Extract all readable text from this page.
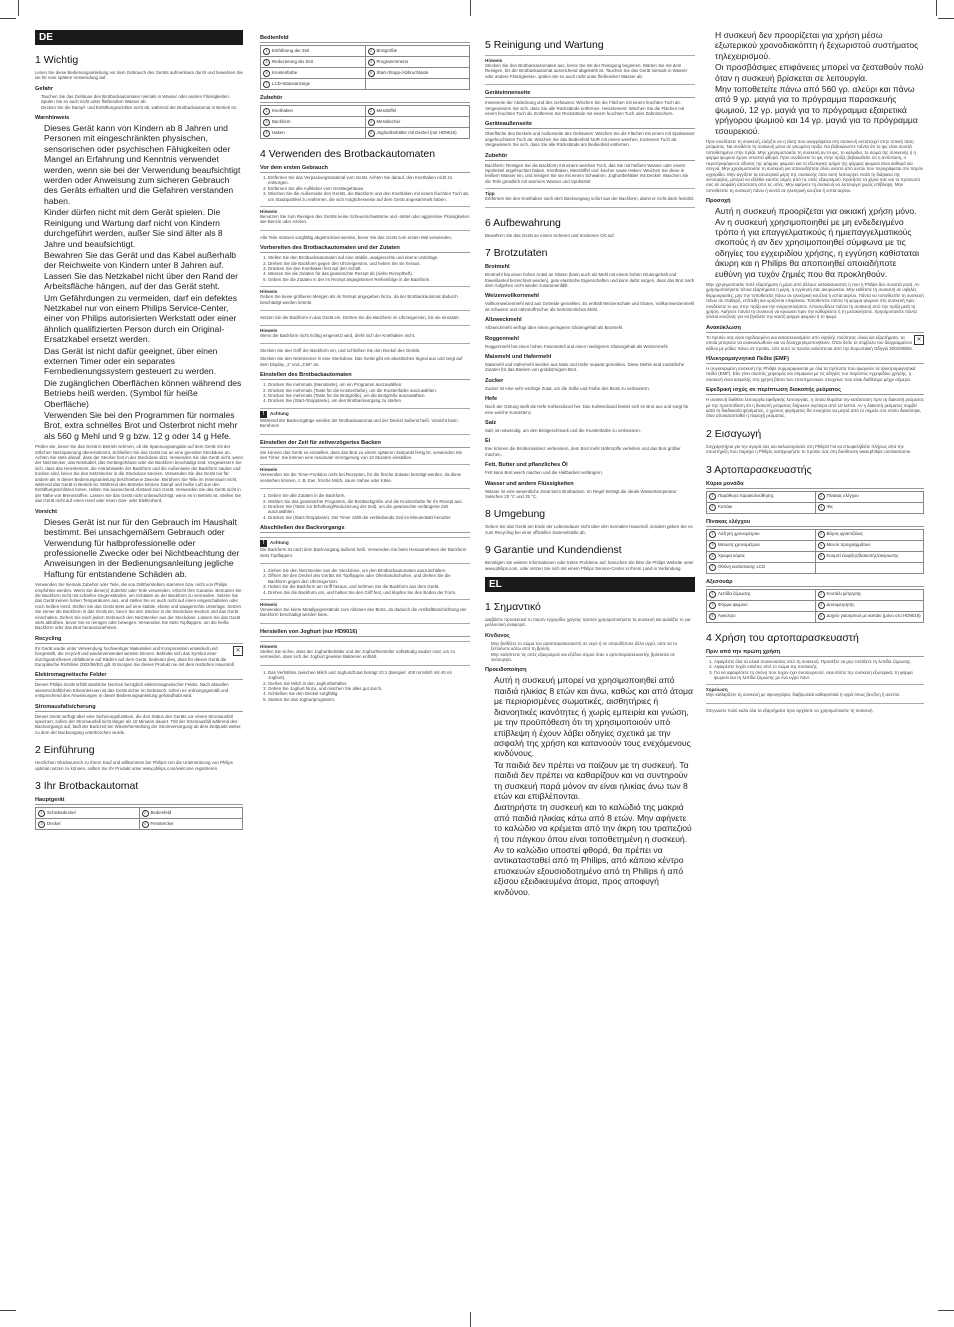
DE
1 Wichtig

Lesen Sie diese Bedienungsanleitung vor dem Gebrauch des Geräts aufmerksam durch und bewahren Sie sie für eine spätere Verwendung auf.

Gefahr
• Tauchen Sie das Gehäuse des Brotbackautomaten niemals in Wasser oder andere Flüssigkeiten. Spülen Sie es auch nicht unter fließendem Wasser ab.
• Decken Sie die Dampf- und Entlüftungsschlitze nicht ab, während der Brotbackautomat in Betrieb ist.
Warnhinweis
• Dieses Gerät kann von Kindern ab 8 Jahren und Personen mit eingeschränkten physischen, sensorischen oder psychischen Fähigkeiten oder Mangel an Erfahrung und Kenntnis verwendet werden, wenn sie bei der Verwendung beaufsichtigt werden oder Anweisung zum sicheren Gebrauch des Geräts erhalten und die Gefahren verstanden haben.
• Kinder dürfen nicht mit dem Gerät spielen. Die Reinigung und Wartung darf nicht von Kindern durchgeführt werden, außer Sie sind älter als 8 Jahre und beaufsichtigt.
• Bewahren Sie das Gerät und das Kabel außerhalb der Reichweite von Kindern unter 8 Jahren auf. Lassen Sie das Netzkabel nicht über den Rand der Arbeitsfläche hängen, auf der das Gerät steht.
• Um Gefährdungen zu vermeiden, darf ein defektes Netzkabel nur von einem Philips Service-Center, einer von Philips autorisierten Werkstatt oder einer ähnlich qualifizierten Person durch ein Original-Ersatzkabel ersetzt werden.
• Das Gerät ist nicht dafür geeignet, über einen externen Timer oder ein separates Fernbedienungssystem gesteuert zu werden.
• Die zugänglichen Oberflächen können während des Betriebs heiß werden. (Symbol für heiße Oberfläche)
• Verwenden Sie bei den Programmen für normales Brot, extra schnelles Brot und Osterbrot nicht mehr als 560 g Mehl und 9 g bzw. 12 g oder 14 g Hefe.

Prüfen Sie, bevor Sie das Gerät in Betrieb nehmen, ob die Spannungsangabe auf dem Gerät mit der örtlichen Netzspannung übereinstimmt. Schließen Sie das Gerät nur an eine geerdete Steckdose an. Achten Sie stets darauf, dass der Stecker fest in der Steckdose sitzt. Verwenden Sie das Gerät nicht, wenn der Netzstecker, das Netzkabel, das Gerätegehäuse oder die Backform beschädigt sind. Vergewissern Sie sich, dass das Heizelement, die Antriebswelle der Backform und die Außenseite der Backform sauber und trocken sind, bevor Sie den Netzstecker in die Steckdose stecken. Verwenden Sie das Gerät nur für andere als in dieser Bedienungsanleitung beschriebene Zwecke. Berühren Sie Teile im Innenraum nicht, während das Gerät in Betrieb ist. Während des Betriebs können Dampf und heiße Luft aus den Entlüftungsschlitzen treten. Halten Sie ausreichend Abstand zum Gerät. Verwenden Sie das Gerät nicht in der Nähe von Brennstoffen. Lassen Sie das Gerät nicht unbeaufsichtigt, wenn es in Betrieb ist. Stellen Sie das Gerät nicht auf einen Herd oder einen Gas- oder Elektroherd.

Vorsicht
• Dieses Gerät ist nur für den Gebrauch im Haushalt bestimmt. Bei unsachgemäßem Gebrauch oder Verwendung für halbprofessionelle oder professionelle Zwecke oder bei Nichtbeachtung der Anweisungen in der Bedienungsanleitung jegliche Haftung für entstandene Schäden ab.

Verwenden Sie niemals Zubehör oder Teile, die von Drittherstellern stammen bzw. nicht von Philips empfohlen werden. Wenn Sie diese(s) Zubehör oder Teile verwenden, erlischt Ihre Garantie. Benutzen Sie die Backform nicht mit scharfen Gegenständen, um Schäden an der Backform zu vermeiden. Setzen Sie das Gerät keinen hohen Temperaturen aus, und stellen Sie es auch nicht auf einen eingeschalteten oder noch heißen Herd. Stellen Sie das Gerät stets auf eine stabile, ebene und waagerechte Unterlage. Setzen Sie immer die Backform in das Gerät ein, bevor Sie den Stecker in die Steckdose stecken und das Gerät einschalten. Ziehen Sie nach jedem Gebrauch den Netzstecker aus der Steckdose. Lassen Sie das Gerät stets abkühlen, bevor Sie es reinigen oder bewegen. Verwenden Sie stets Topflappen, um die heiße Backform oder das Brot herauszunehmen.

Recycling

✕
Ihr Gerät wurde unter Verwendung hochwertiger Materialien und Komponenten entwickelt und hergestellt, die recycelt und wiederverwendet werden können. Befindet sich das Symbol einer durchgestrichenen Abfalltonne auf Rädern auf dem Gerät, bedeutet dies, dass für dieses Gerät die Europäische Richtlinie 2002/96/EG gilt. Entsorgen Sie dieses Produkt nie mit dem restlichen Hausmüll.

Elektromagnetische Felder

Dieses Philips Gerät erfüllt sämtliche Normen bezüglich elektromagnetischer Felder. Nach aktuellen wissenschaftlichen Erkenntnissen ist das Gerät sicher im Gebrauch, sofern es ordnungsgemäß und entsprechend den Anweisungen in dieser Bedienungsanleitung gehandhabt wird.

Stromausfallsicherung

Dieses Gerät verfügt über eine Sicherungsfunktion, die den Status des Geräts vor einem Stromausfall speichert, sofern der Stromausfall nicht länger als 10 Minuten dauert. Tritt der Stromausfall während des Backvorgangs auf, läuft der Backzeit bei Wiederherstellung der Stromversorgung ab dem Zeitpunkt weiter, zu dem der Backvorgang unterbrochen wurde.

2 Einführung

Herzlichen Glückwunsch zu Ihrem Kauf und willkommen bei Philips! Um die Unterstützung von Philips optimal nutzen zu können, sollten Sie Ihr Produkt unter www.philips.com/welcome registrieren.

3 Ihr Brotbackautomat
Hauptgerät
1 Schiebedeckel	2 Bedienfeld
3 Deckel	4 Fenstercker
Bedienfeld
1 Einführung der Zeit	2 Brotgrößte
3 Reduzierung der Zeit	4 Programmmenü
5 Krustenfarbe	6 Start-/Stopp-/Abbruchtaste
7 LCD-Statusanzeige	
Zubehör
1 Knethaken	2 Messlöffel
3 Backform	4 Messbecher
5 Haken	6 Joghurtbehälter mit Deckel (nur HD9016)
4 Verwenden des Brotbackautomaten
Vor dem ersten Gebrauch
1. Entfernen Sie das Verpackungsmaterial vom Gerät. Achten Sie darauf, den Knethaken nicht zu entsorgen.
2. Entfernen Sie alle Aufkleber vom Gerätegehäuse.
3. Wischen Sie die Außenseite des Geräts, die Backform und den Knethaken mit einem feuchten Tuch ab, um Staubpartikel zu entfernen, die sich möglicherweise auf dem Gerät angesammelt haben.
Hinweis

Benutzen Sie zum Reinigen des Geräts keine Scheuerschwämme und -mittel oder aggressive Flüssigkeiten wie Benzin oder Azeton.

Alle Teile müssen sorgfältig abgetrocknet werden, bevor Sie das Gerät zum ersten Mal verwenden.

Vorbereiten des Brotbackautomaten und der Zutaten
1. Stellen Sie den Brotbackautomaten auf eine stabile, waagerechte und ebene Unterlage.
2. Drehen Sie die Backform gegen den Uhrzeigersinn, und heben Sie sie heraus.
3. Drücken Sie den Knethaken fest auf den Schaft.
4. Messen Sie die Zutaten für das gewünschte Rezept ab (siehe Rezeptheft).
5. Geben Sie die Zutaten in der im Rezept angegebenen Reihenfolge in die Backform.
Hinweis

Geben Sie keine größeren Mengen als im Rezept angegeben hinzu, da der Brotbackautomat dadurch beschädigt werden könnte.

Setzen Sie die Backform in das Gerät ein. Drehen Sie die Backform im Uhrzeigersinn, bis sie einrastet.

Hinweis

Wenn die Backform nicht richtig eingesetzt wird, dreht sich der Knethaken nicht.

Stecken Sie den Griff der Backform ein, und schließen Sie den Deckel des Geräts.

Stecken Sie den Netzstecker in eine Steckdose. Das Gerät gibt ein akustisches Signal aus und zeigt auf dem Display „1" und „3:55" an.

Einstellen des Brotbackautomaten
1. Drücken Sie mehrmals (Menütaste), um ein Programm auszuwählen.
2. Drücken Sie mehrmals (Taste für die Krustenfarbe), um die Krustenfarbe auszuwählen.
3. Drücken Sie mehrmals (Taste für die Brotgröße), um die Brotgröße auszuwählen.
4. Drücken Sie (Start-/Stopptaste), um den Brotbackvorgang zu starten.
! Achtung

Während der Backvorgänge werden der Brotbackautomat und der Deckel äußerst heiß. Vorsicht beim Berühren!

Einstellen der Zeit für zeitverzögertes Backen

Sie können das Gerät so einstellen, dass das Brot zu einem späteren Zeitpunkt fertig ist, verwenden Sie den Timer. Sie können eine maximale Verzögerung von 13 Stunden einstellen.

Hinweis

Verwenden Sie die Timer-Funktion nicht bei Rezepten, für die frische Zutaten benötigt werden, da diese verderben können, z. B. Eier, frische Milch, saure Sahne oder Käse.

1. Geben Sie alle Zutaten in die Backform.
2. Wählen Sie das gewünschte Programm, die Brotbackgröße und die Krustenfarbe für Ihr Rezept aus.
3. Drücken Sie (Taste zur Erhöhung/Reduzierung der Zeit), um die gewünschte verlängerte Zeit auszuwählen.
4. Drücken Sie (Start-/Stopptaste). Der Timer zählt die verbleibende Zeit im Minutentakt herunter.
Abschließen des Backvorgangs
! Achtung

Die Backform ist nach dem Backvorgang äußerst heiß. Verwenden Sie beim Herausnehmen der Backform stets Topflappen.

1. Ziehen Sie den Netzstecker aus der Steckdose, um den Brotbackautomaten auszuschalten.
2. Öffnen Sie den Deckel des Geräts mit Topflappen oder Ofenhandschuhen, und drehen Sie die Backform gegen den Uhrzeigersinn.
3. Heben Sie die Backform am Griff heraus, und nehmen Sie die Backform aus dem Gerät.
4. Drehen Sie die Backform um, und halten Sie den Griff fest, und klopfen Sie den Boden der Form.
Hinweis

Verwenden Sie keine Metallgegenstände zum Ablösen des Brots, da dadurch die Antihaftbeschichtung der Backform beschädigt werden kann.

Herstellen von Joghurt (nur HD9016)
Hinweis

Stellen Sie sicher, dass der Joghurtbehälter und der Joghurthersteller vollständig sauber sind, um zu vermeiden, dass sich der Joghurt gewisse Bakterien enthält.

1. Das Verhältnis zwischen Milch und Joghurt/Zutat beträgt 10:1 (Beispiel: 400 ml Milch mit 40 ml Joghurt).
2. Gießen Sie Milch in den Joghurtbehälter.
3. Geben Sie Joghurt hinzu, und mischen Sie alles gut durch.
4. Schließen Sie den Deckel sorgfältig.
5. Starten Sie das Joghurtprogramm.
5 Reinigung und Wartung
Hinweis

Stecken Sie den Brotbackautomaten aus, bevor Sie mit der Reinigung beginnen. Warten Sie mit dem Reinigen, bis der Brotbackautomat ausreichend abgekühlt ist. Tauchen Sie das Gerät niemals in Wasser oder andere Flüssigkeiten, spülen Sie es auch nicht unter fließendem Wasser ab.

Geräteinnenseite

Innenseite der Abdeckung und des Gehäuses: Wischen Sie die Flächen mit einem feuchten Tuch ab. Vergewissern Sie sich, dass Sie alle Rückstände entfernen. Heizelement: Wischen Sie die Flächen mit einem feuchten Tuch ab. Entfernen Sie Rückstände mit einem feuchten Tuch oder Zahnstochern.

Geräteaußenseite

Oberfläche des Deckels und Außenseite des Gehäuses: Wischen Sie die Flächen mit einem mit Spülwasser angefeuchteten Tuch ab. Wischen Sie das Bedienfeld NUR mit einem weichen, trockenen Tuch ab. Vergewissern Sie sich, dass Sie alle Rückstände am Bedienfeld entfernen.

Zubehör

Backform: Reinigen Sie die Backform mit einem weichen Tuch, das Sie mit heißem Wasser oder einem Spülmittel angefeuchtet haben. Knethaken, Messlöffel und -becher sowie Haken: Weichen Sie diese in heißem Wasser ein, und reinigen Sie sie mit einem Schwamm. Joghurtbehälter mit Deckel: Waschen Sie die Teile gründlich mit warmem Wasser und Spülmittel.

Tipp

Entfernen Sie den Knethaken nach dem Backvorgang sofort aus der Backform, damit er nicht darin festsitzt.

6 Aufbewahrung

Bewahren Sie das Gerät an einem sicheren und trockenen Ort auf.

7 Brotzutaten
Brotmehl

Brotmehl hat einen hohen Anteil an Gluten (kann auch als Mehl mit einem hohen Glutengehalt und Eiweißanteil bezeichnet werden), gute elastische Eigenschaften und kann dafür sorgen, dass das Brot nach dem Aufgehen nicht wieder zusammenfällt.

Weizenvollkornmehl

Vollkornweizenmehl wird aus Getreide gemahlen. Es enthält Weizenschale und Gluten. Vollkornweizenmehl ist schwerer und nährstoffreicher als herkömmliches Mehl.

Allzweckmehl

Allzweckmehl verfügt über einen geringeren Glutengehalt als Brotmehl.

Roggenmehl

Roggenmehl hat einen hohen Faseranteil und einen niedrigeren Glutengehalt als Weizenmehl.

Maismehl und Hafermehl

Maismehl und Hafermehl werden aus Mais und Hafer separat gemahlen. Diese Mehle sind zusätzliche Zutaten für das Backen von grobkörnigem Brot.

Zucker

Zucker ist eine sehr wichtige Zutat, um die Süße und Farbe des Brots zu verbessern.

Hefe

Nach der Gärung stellt die Hefe Kohlendioxid her. Das Kohlendioxid breitet sich im Brot aus und sorgt für eine weiche Konsistenz.

Salz

Salz ist notwendig, um den Brotgeschmack und die Krustenfarbe zu verbessern.

Ei

Eier können die Brotkonsistenz verbessern, dem Brot mehr Nährstoffe verleihen und das Brot größer machen.

Fett, Butter und pflanzliches Öl

Fett kann Brot weich machen und die Haltbarkeit verlängern.

Wasser und andere Flüssigkeiten

Wasser ist eine wesentliche Zutat beim Brotbacken. Im Regel beträgt die ideale Wassertemperatur zwischen 20 °C und 25 °C.

8 Umgebung

Geben Sie das Gerät am Ende der Lebensdauer nicht über den normalen Hausmüll, sondern geben Sie es zum Recycling bei einer offiziellen Sammelstelle ab.

9 Garantie und Kundendienst

Benötigen Sie weitere Informationen oder treten Probleme auf, besuchen Sie bitte die Philips Website unter www.philips.com, oder setzen Sie sich mit einem Philips Service-Center in Ihrem Land in Verbindung.

EL
1 Σημαντικό

Διαβάστε προσεκτικά το παρόν εγχειρίδιο χρήσης προτού χρησιμοποιήσετε τη συσκευή και φυλάξτε το για μελλοντική αναφορά.

Κίνδυνος
• Μην βυθίζετε το σώμα του αρτοπαρασκευαστή σε νερό ή σε οποιοδήποτε άλλο υγρό, ούτε να το ξεπλένετε κάτω από τη βρύση.
• Μην καλύπτετε τις οπές εξαερισμού και εξόδου ατμού όταν ο αρτοπαρασκευαστής βρίσκεται σε λειτουργία.
Προειδοποίηση
• Αυτή η συσκευή μπορεί να χρησιμοποιηθεί από παιδιά ηλικίας 8 ετών και άνω, καθώς και από άτομα με περιορισμένες σωματικές, αισθητήριες ή διανοητικές ικανότητες ή χωρίς εμπειρία και γνώση, με την προϋπόθεση ότι τη χρησιμοποιούν υπό επίβλεψη ή έχουν λάβει οδηγίες σχετικά με την ασφαλή της χρήση και κατανοούν τους ενεχόμενους κινδύνους.
• Τα παιδιά δεν πρέπει να παίζουν με τη συσκευή. Τα παιδιά δεν πρέπει να καθαρίζουν και να συντηρούν τη συσκευή παρά μόνον αν είναι ηλικίας άνω των 8 ετών και επιβλέπονται.
• Διατηρήστε τη συσκευή και το καλώδιό της μακριά από παιδιά ηλικίας κάτω από 8 ετών. Μην αφήνετε το καλώδιο να κρέμεται από την άκρη του τραπεζιού ή του πάγκου όπου είναι τοποθετημένη η συσκευή.
• Αν το καλώδιο υποστεί φθορά, θα πρέπει να αντικατασταθεί από τη Philips, από κάποιο κέντρο επισκευών εξουσιοδοτημένο από τη Philips ή από εξίσου εξειδικευμένα άτομα, προς αποφυγή κινδύνου.
• Η συσκευή δεν προορίζεται για χρήση μέσω εξωτερικού χρονοδιακόπτη ή ξεχωριστού συστήματος τηλεχειρισμού.
• Οι προσβάσιμες επιφάνειες μπορεί να ζεσταθούν πολύ όταν η συσκευή βρίσκεται σε λειτουργία.
• Μην τοποθετείτε πάνω από 560 γρ. αλεύρι και πάνω από 9 γρ. μαγιά για το πρόγραμμα παρασκευής ψωμιού, 12 γρ. μαγιά για το πρόγραμμα εξαιρετικά γρήγορου ψωμιού και 14 γρ. μαγιά για το πρόγραμμα τσουρεκιού.

Πριν συνδέσετε τη συσκευή, ελέγξτε αν η τάση που αναγράφεται στη συσκευή αντιστοιχεί στην τοπική τάση ρεύματος. Να συνδέετε τη συσκευή μόνο σε γειωμένη πρίζα. Να βεβαιώνεστε πάντα ότι το φις είναι σωστά τοποθετημένο στην πρίζα. Μην χρησιμοποιείτε τη συσκευή αν το φις, το καλώδιο, το σώμα της συσκευής ή η φόρμα ψωμιού έχουν υποστεί φθορά. Πριν συνδέσετε το φις στην πρίζα, βεβαιωθείτε ότι η αντίσταση, ο περιστρεφόμενος άξονας της φόρμας ψωμιού και το εξωτερικό τμήμα της φόρμας ψωμιού είναι καθαρά και στεγνά. Μην χρησιμοποιείτε τη συσκευή για οποιονδήποτε άλλο σκοπό από αυτόν που περιγράφεται στο παρόν εγχειρίδιο. Μην αγγίζετε τα εσωτερικά μέρη της συσκευής όταν αυτή λειτουργεί. Κατά τη διάρκεια της λειτουργίας, μπορεί να εξέλθει καυτός ατμός από τις οπές εξαερισμού. Κρατήστε τα χέρια σας και το πρόσωπό σας σε ασφαλή απόσταση από τις οπές. Μην αφήνετε τη συσκευή να λειτουργεί χωρίς επίβλεψη. Μην τοποθετείτε τη συσκευή πάνω ή κοντά σε ηλεκτρική κουζίνα ή εστία αερίου.

Προσοχή
• Αυτή η συσκευή προορίζεται για οικιακή χρήση μόνο. Αν η συσκευή χρησιμοποιηθεί με μη ενδεδειγμένο τρόπο ή για επαγγελματικούς ή ημιεπαγγελματικούς σκοπούς ή αν δεν χρησιμοποιηθεί σύμφωνα με τις οδηγίες του εγχειριδίου χρήσης, η εγγύηση καθίσταται άκυρη και η Philips θα αποποιηθεί οποιαδήποτε ευθύνη για τυχόν ζημιές που θα προκληθούν.

Μην χρησιμοποιείτε ποτέ εξαρτήματα ή μέρη από άλλους κατασκευαστές ή που η Philips δεν συνιστά ρητά. Αν χρησιμοποιήσετε τέτοια εξαρτήματα ή μέρη, η εγγύησή σας ακυρώνεται. Μην εκθέτετε τη συσκευή σε υψηλές θερμοκρασίες, μην την τοποθετείτε πάνω σε ηλεκτρική κουζίνα ή εστία αερίου. Πάντα να τοποθετείτε τη συσκευή πάνω σε σταθερή, επίπεδη και οριζόντια επιφάνεια. Τοποθετείτε πάντα τη φόρμα ψωμιού στη συσκευή πριν συνδέσετε το φις στην πρίζα και την ενεργοποιήσετε. Αποσυνδέετε πάντα τη συσκευή από την πρίζα μετά τη χρήση. Αφήνετε πάντα τη συσκευή να κρυώσει πριν την καθαρίσετε ή τη μετακινήσετε. Χρησιμοποιείτε πάντα γάντια κουζίνας για να βγάλετε την καυτή φόρμα ψωμιού ή το ψωμί.

Ανακύκλωση

✕
Το προϊόν σας είναι σχεδιασμένο και κατασκευασμένο από υψηλής ποιότητας υλικά και εξαρτήματα, τα οποία μπορούν να ανακυκλωθούν και να ξαναχρησιμοποιηθούν. Όταν δείτε το σύμβολο του διαγραμμένου κάδου με ρόδες πάνω σε προϊόν, τότε αυτό το προϊόν καλύπτεται από την Ευρωπαϊκή Οδηγία 2002/96/ΕΚ.

Ηλεκτρομαγνητικά Πεδία (EMF)

Η συγκεκριμένη συσκευή της Philips συμμορφώνεται με όλα τα πρότυπα που αφορούν τα ηλεκτρομαγνητικά πεδία (EMF). Εάν γίνει σωστός χειρισμός και σύμφωνα με τις οδηγίες του παρόντος εγχειριδίου χρήσης, η συσκευή είναι ασφαλής στη χρήση βάσει των επιστημονικών στοιχείων που είναι διαθέσιμα μέχρι σήμερα.

Εφεδρική ισχύς σε περίπτωση διακοπής ρεύματος

Η συσκευή διαθέτει λειτουργία εφεδρικής λειτουργίας, η οποία θυμάται την κατάσταση πριν τη διακοπή ρεύματος με την προϋπόθεση ότι η διακοπή ρεύματος διήρκεσε λιγότερο από 10 λεπτά. Αν η διακοπή ρεύματος συμβεί κατά τη διαδικασία ψησίματος, ο χρόνος ψησίματος θα συνεχίσει να μετρά από το σημείο στο οποίο διακόπηκε, όταν αποκατασταθεί η παροχή ρεύματος.

2 Εισαγωγή

Συγχαρητήρια για την αγορά σας και καλωσορίσατε στη Philips! Για να επωφεληθείτε πλήρως από την υποστήριξη που παρέχει η Philips, καταχωρήστε το προϊόν σας στη διεύθυνση www.philips.com/welcome.

3 Αρτοπαρασκευαστής
Κύρια μονάδα
1 Παράθυρο παρακολούθησης	2 Πίνακας ελέγχου
3 Καπάκι	4 Φις
Πίνακας ελέγχου
1 Αύξηση χρονομέτρου	2 Βάρος φραντζόλας
3 Μείωση χρονομέτρου	4 Μενού προγραμμάτων
5 Χρώμα κόρας	6 Κουμπί έναρξης/διακοπής/ακύρωσης
7 Οθόνη κατάστασης LCD	
Αξεσουάρ
1 Λεπίδα ζύμωσης	2 Κουτάλι μέτρησης
3 Φόρμα ψωμιού	4 Δοσομετρητής
5 Άγκιστρο	6 Δοχείο γιαουρτιού με καπάκι (μόνο στο HD9016)
4 Χρήση του αρτοπαρασκευαστή
Πριν από την πρώτη χρήση
1. Αφαιρέστε όλα τα υλικά συσκευασίας από τη συσκευή. Προσέξτε να μην πετάξετε τη λεπίδα ζύμωσης.
2. Αφαιρέστε τυχόν ετικέτες από το σώμα της συσκευής.
3. Για να αφαιρέσετε τη σκόνη που τυχόν έχει συσσωρευτεί, σκουπίστε την συσκευή εξωτερικά, τη φόρμα ψωμιού και τη λεπίδα ζύμωσης με ένα υγρό πανί.
Σημείωση

Μην καθαρίζετε τη συσκευή με σφουγγάρια, διαβρωτικά καθαριστικά ή υγρά όπως βενζίνη ή ασετόν.

Στεγνώστε πολύ καλά όλα τα εξαρτήματα πριν αρχίσετε να χρησιμοποιείτε τη συσκευή.
